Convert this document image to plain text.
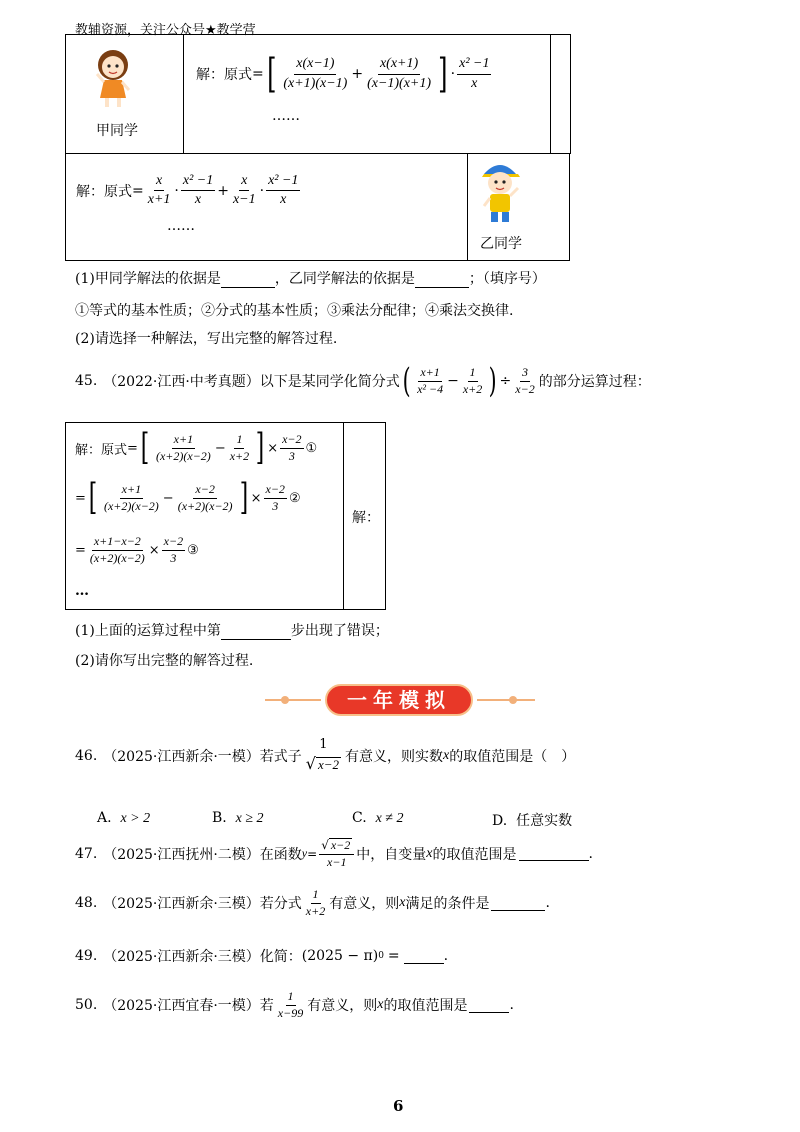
教辅资源，关注公众号★教学营
甲同学
解：原式 = [ $\frac{x(x-1)}{(x+1)(x-1)} + \frac{x(x+1)}{(x-1)(x+1)}$ ] · $\frac{\text{x² −1}}{x}$
……
解：原式 = $\frac{x}{x+1} \cdot \frac{\text{x² −1}}{x} + \frac{x}{x-1} \cdot \frac{\text{x² −1}}{x}$
……
乙同学
(1)甲同学解法的依据是	，乙同学解法的依据是	；（填序号）
①等式的基本性质；②分式的基本性质；③乘法分配律；④乘法交换律.
(2)请选择一种解法，写出完整的解答过程.
45. （2022·江西·中考真题）以下是某同学化简分式 ( $\frac{x+1}{\text{x² −4}} - \frac{1}{x+2}$ ) ÷ $\frac{3}{x-2}$ 的部分运算过程：
解：
解：原式 = [ $\frac{x+1}{(x+2)(x-2)} - \frac{1}{x+2}$ ] × $\frac{x-2}{3}$ ①
= [ $\frac{x+1}{(x+2)(x-2)} - \frac{x-2}{(x+2)(x-2)}$ ] × $\frac{x-2}{3}$ ②
= $\frac{x+1-x-2}{(x+2)(x-2)} \times \frac{x-2}{3}$ ③
…
(1)上面的运算过程中第	步出现了错误；
(2)请你写出完整的解答过程.
一年模拟
46. （2025·江西新余·一模）若式子
1
√ x−2 有意义，则实数 x 的取值范围是（　）
A. x > 2	B. x ≥ 2	C. x ≠ 2	D. 任意实数
47. （2025·江西抚州·二模）在函数 $y = \frac{√ x-2}{x-1}$ 中，自变量 x 的取值范围是	.
48. （2025·江西新余·三模）若分式 $\frac{1}{x+2}$ 有意义，则 x 满足的条件是	.
49. （2025·江西新余·三模）化简： (2025 − π) 0 =	.
50. （2025·江西宜春·一模）若 $\frac{1}{x-99}$ 有意义，则 x 的取值范围是	.
6
